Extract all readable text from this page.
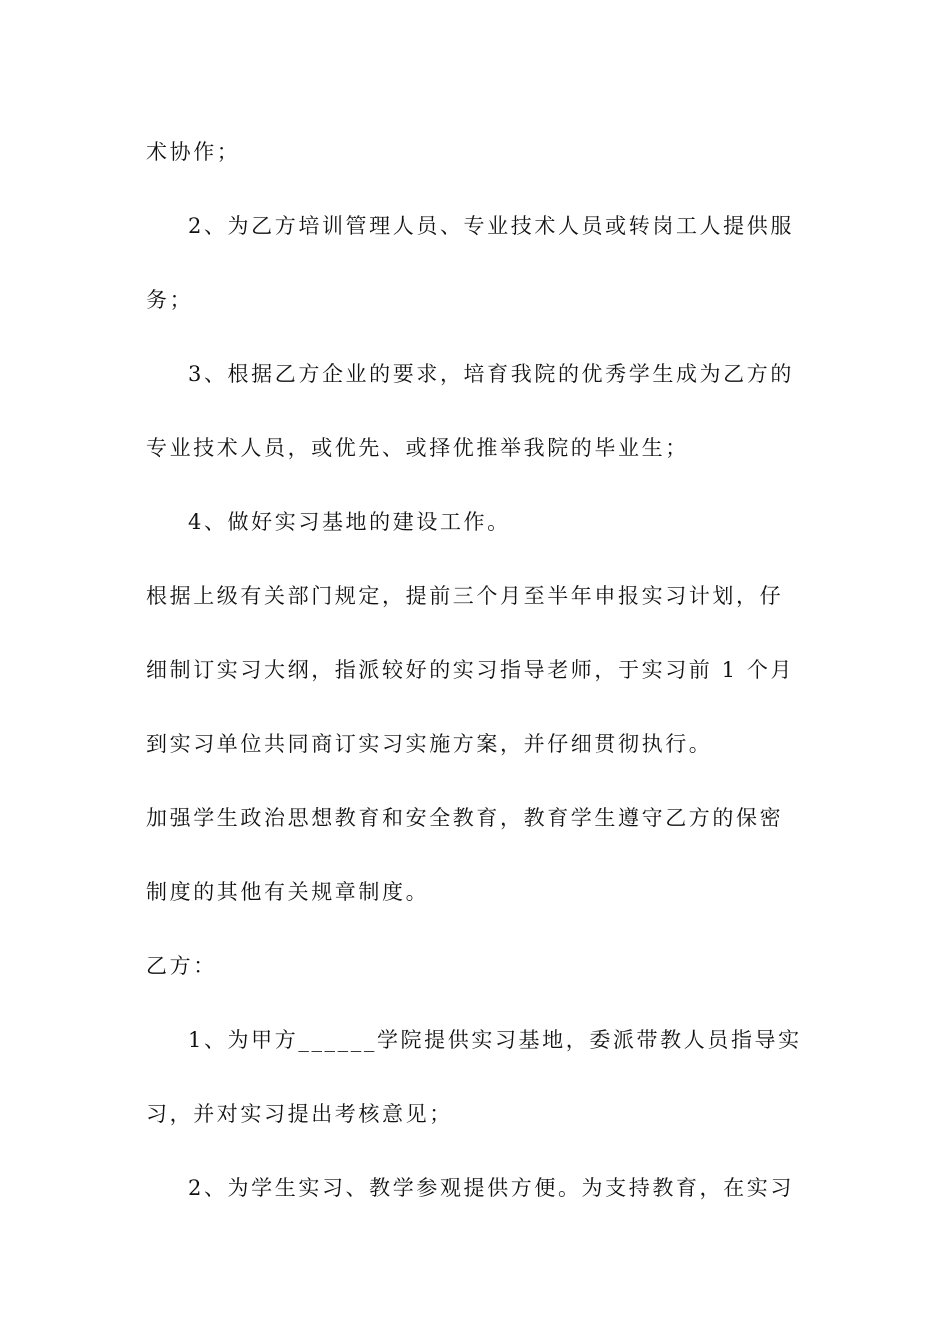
术协作；
2、为乙方培训管理人员、专业技术人员或转岗工人提供服
务；
3、根据乙方企业的要求，培育我院的优秀学生成为乙方的
专业技术人员，或优先、或择优推举我院的毕业生；
4、做好实习基地的建设工作。
根据上级有关部门规定，提前三个月至半年申报实习计划，仔
细制订实习大纲，指派较好的实习指导老师，于实习前 1 个月
到实习单位共同商订实习实施方案，并仔细贯彻执行。
加强学生政治思想教育和安全教育，教育学生遵守乙方的保密
制度的其他有关规章制度。
乙方：
1、为甲方______学院提供实习基地，委派带教人员指导实
习，并对实习提出考核意见；
2、为学生实习、教学参观提供方便。为支持教育，在实习
